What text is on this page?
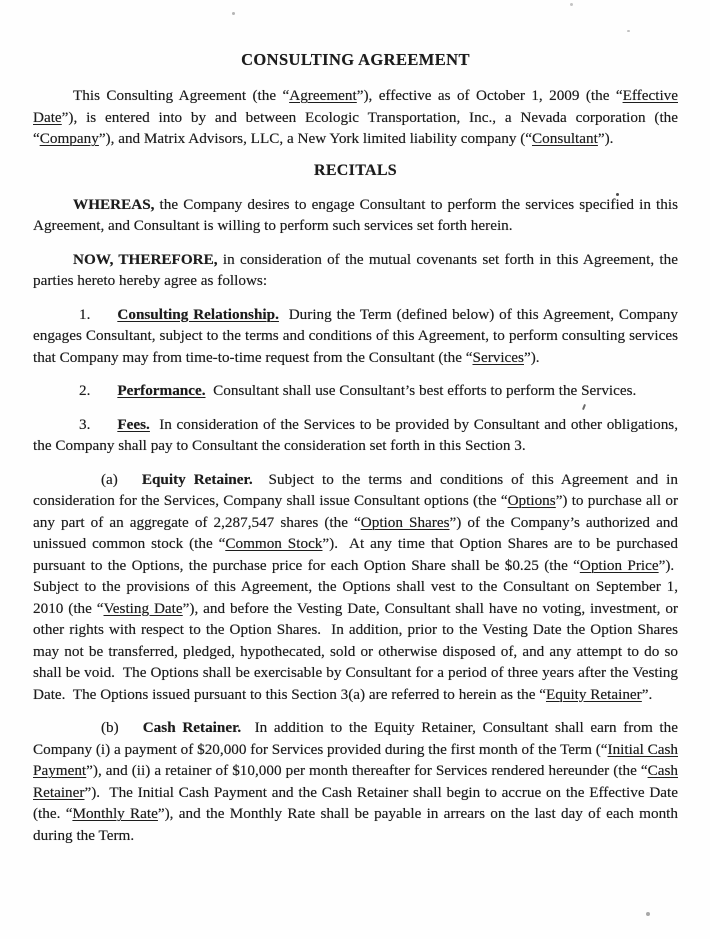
CONSULTING AGREEMENT

This Consulting Agreement (the “Agreement”), effective as of October 1, 2009 (the “Effective Date”), is entered into by and between Ecologic Transportation, Inc., a Nevada corporation (the “Company”), and Matrix Advisors, LLC, a New York limited liability company (“Consultant”).

RECITALS

WHEREAS, the Company desires to engage Consultant to perform the services specified in this Agreement, and Consultant is willing to perform such services set forth herein.

NOW, THEREFORE, in consideration of the mutual covenants set forth in this Agreement, the parties hereto hereby agree as follows:

1. Consulting Relationship.  During the Term (defined below) of this Agreement, Company engages Consultant, subject to the terms and conditions of this Agreement, to perform consulting services that Company may from time-to-time request from the Consultant (the “Services”).

2. Performance.  Consultant shall use Consultant’s best efforts to perform the Services.

3. Fees.  In consideration of the Services to be provided by Consultant and other obligations, the Company shall pay to Consultant the consideration set forth in this Section 3.

(a) Equity Retainer.  Subject to the terms and conditions of this Agreement and in consideration for the Services, Company shall issue Consultant options (the “Options”) to purchase all or any part of an aggregate of 2,287,547 shares (the “Option Shares”) of the Company’s authorized and unissued common stock (the “Common Stock”).  At any time that Option Shares are to be purchased pursuant to the Options, the purchase price for each Option Share shall be $0.25 (the “Option Price”).  Subject to the provisions of this Agreement, the Options shall vest to the Consultant on September 1, 2010 (the “Vesting Date”), and before the Vesting Date, Consultant shall have no voting, investment, or other rights with respect to the Option Shares.  In addition, prior to the Vesting Date the Option Shares may not be transferred, pledged, hypothecated, sold or otherwise disposed of, and any attempt to do so shall be void.  The Options shall be exercisable by Consultant for a period of three years after the Vesting Date.  The Options issued pursuant to this Section 3(a) are referred to herein as the “Equity Retainer”.

(b) Cash Retainer.  In addition to the Equity Retainer, Consultant shall earn from the Company (i) a payment of $20,000 for Services provided during the first month of the Term (“Initial Cash Payment”), and (ii) a retainer of $10,000 per month thereafter for Services rendered hereunder (the “Cash Retainer”).  The Initial Cash Payment and the Cash Retainer shall begin to accrue on the Effective Date (the. “Monthly Rate”), and the Monthly Rate shall be payable in arrears on the last day of each month during the Term.
